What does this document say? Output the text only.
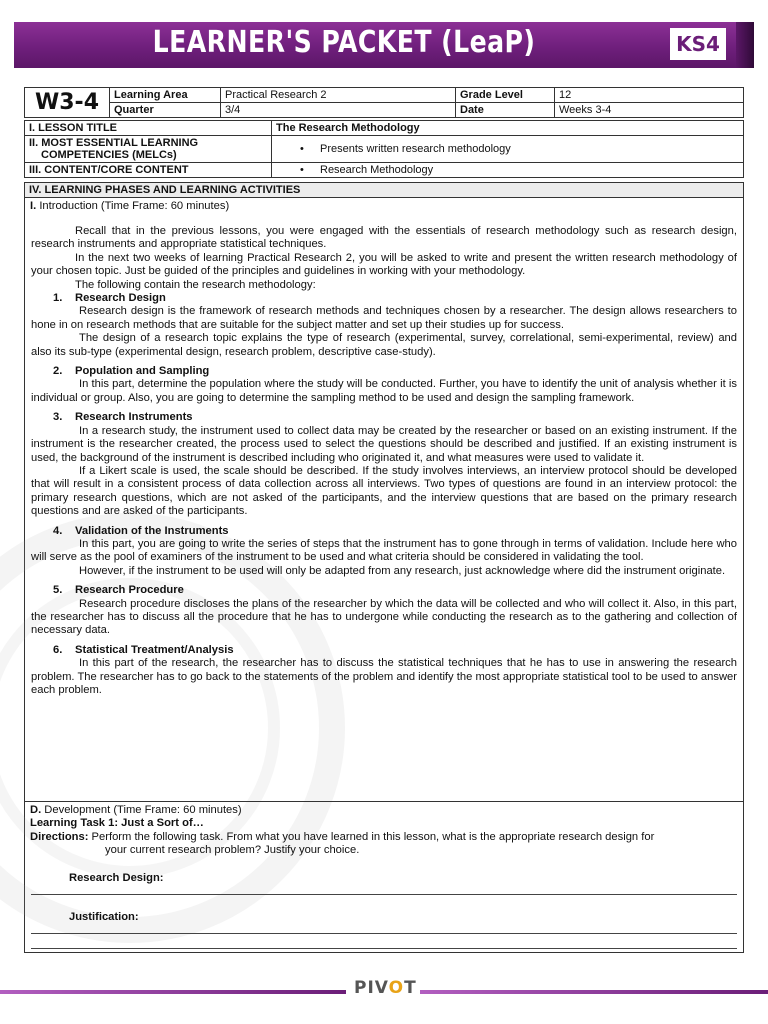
LEARNER'S PACKET (LeaP)	KS4
W3-4	Learning Area	Practical Research 2	Grade Level	12
	Quarter	3/4	Date	Weeks 3-4
I. LESSON TITLE	The Research Methodology

II. MOST ESSENTIAL LEARNING
COMPETENCIES (MELCs)	• Presents written research methodology
III. CONTENT/CORE CONTENT	• Research Methodology
IV. LEARNING PHASES AND LEARNING ACTIVITIES
I. Introduction (Time Frame: 60 minutes)

Recall that in the previous lessons, you were engaged with the essentials of research methodology such as research design, research instruments and appropriate statistical techniques.

In the next two weeks of learning Practical Research 2, you will be asked to write and present the written research methodology of your chosen topic. Just be guided of the principles and guidelines in working with your methodology.

The following contain the research methodology:

1. Research Design

Research design is the framework of research methods and techniques chosen by a researcher. The design allows researchers to hone in on research methods that are suitable for the subject matter and set up their studies up for success.

The design of a research topic explains the type of research (experimental, survey, correlational, semi-experimental, review) and also its sub-type (experimental design, research problem, descriptive case-study).

2. Population and Sampling

In this part, determine the population where the study will be conducted. Further, you have to identify the unit of analysis whether it is individual or group. Also, you are going to determine the sampling method to be used and design the sampling framework.

3. Research Instruments

In a research study, the instrument used to collect data may be created by the researcher or based on an existing instrument. If the instrument is the researcher created, the process used to select the questions should be described and justified. If an existing instrument is used, the background of the instrument is described including who originated it, and what measures were used to validate it.

If a Likert scale is used, the scale should be described. If the study involves interviews, an interview protocol should be developed that will result in a consistent process of data collection across all interviews. Two types of questions are found in an interview protocol: the primary research questions, which are not asked of the participants, and the interview questions that are based on the primary research questions and are asked of the participants.

4. Validation of the Instruments

In this part, you are going to write the series of steps that the instrument has to gone through in terms of validation. Include here who will serve as the pool of examiners of the instrument to be used and what criteria should be considered in validating the tool.

However, if the instrument to be used will only be adapted from any research, just acknowledge where did the instrument originate.

5. Research Procedure

Research procedure discloses the plans of the researcher by which the data will be collected and who will collect it. Also, in this part, the researcher has to discuss all the procedure that he has to undergone while conducting the research as to the gathering and collection of necessary data.

6. Statistical Treatment/Analysis

In this part of the research, the researcher has to discuss the statistical techniques that he has to use in answering the research problem. The researcher has to go back to the statements of the problem and identify the most appropriate statistical tool to be used to answer each problem.

D. Development (Time Frame: 60 minutes)
Learning Task 1: Just a Sort of…
Directions: Perform the following task. From what you have learned in this lesson, what is the appropriate research design for
your current research problem? Justify your choice.
Research Design:
Justification:
PIVOT
